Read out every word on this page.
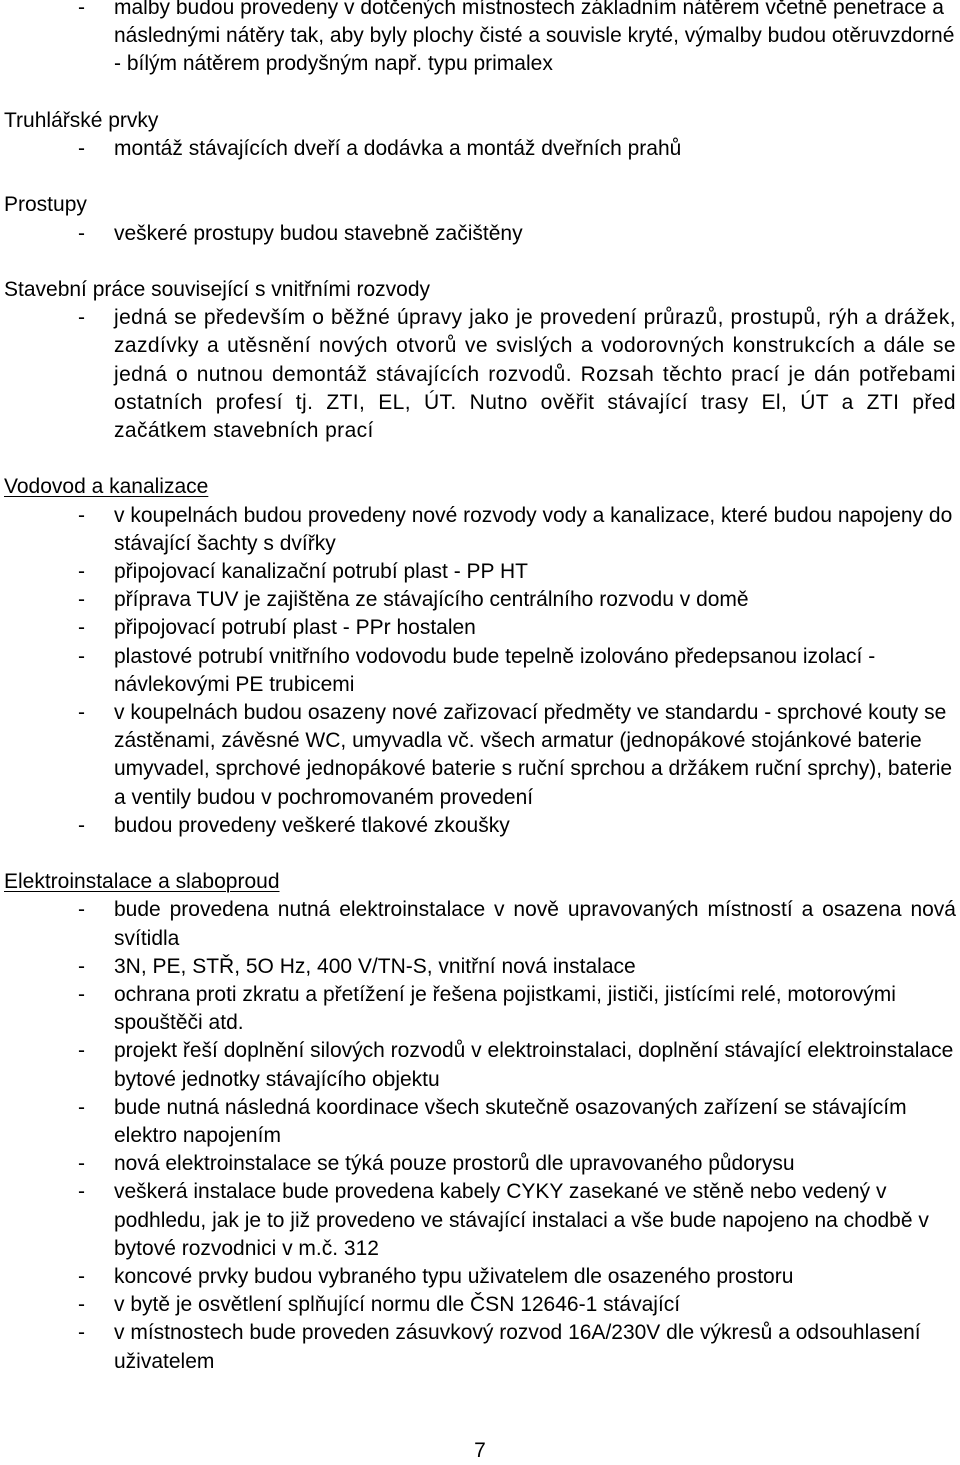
- malby budou provedeny v dotčených místnostech základním nátěrem včetně penetrace a následnými nátěry tak, aby byly plochy čisté a souvisle kryté, výmalby budou otěruvzdorné - bílým nátěrem prodyšným např. typu primalex
Truhlářské prvky
- montáž stávajících dveří a dodávka a montáž dveřních prahů
Prostupy
- veškeré prostupy budou stavebně začištěny
Stavební práce související s vnitřními rozvody
- jedná se především o běžné úpravy jako je provedení průrazů, prostupů, rýh a drážek, zazdívky a utěsnění nových otvorů ve svislých a vodorovných konstrukcích a dále se jedná o nutnou demontáž stávajících rozvodů. Rozsah těchto prací je dán potřebami ostatních profesí tj. ZTI, EL, ÚT. Nutno ověřit stávající trasy El, ÚT a ZTI před začátkem stavebních prací
Vodovod a kanalizace
- v koupelnách budou provedeny nové rozvody vody a kanalizace, které budou napojeny do stávající šachty s dvířky
- připojovací kanalizační potrubí plast - PP HT
- příprava TUV je zajištěna ze stávajícího centrálního rozvodu v domě
- připojovací potrubí plast - PPr hostalen
- plastové potrubí vnitřního vodovodu bude tepelně izolováno předepsanou izolací - návlekovými PE trubicemi
- v koupelnách budou osazeny nové zařizovací předměty ve standardu - sprchové kouty se zástěnami, závěsné WC, umyvadla vč. všech armatur (jednopákové stojánkové baterie umyvadel, sprchové jednopákové baterie s ruční sprchou a držákem ruční sprchy), baterie a ventily budou v pochromovaném provedení
- budou provedeny veškeré tlakové zkoušky
Elektroinstalace a slaboproud
- bude provedena nutná elektroinstalace v nově upravovaných místností a osazena nová svítidla
- 3N, PE, STŘ, 5O Hz, 400 V/TN-S, vnitřní nová instalace
- ochrana proti zkratu a přetížení je řešena pojistkami, jističi, jistícími relé, motorovými spouštěči atd.
- projekt řeší doplnění silových rozvodů v elektroinstalaci, doplnění stávající elektroinstalace bytové jednotky stávajícího objektu
- bude nutná následná koordinace všech skutečně osazovaných zařízení se stávajícím elektro napojením
- nová elektroinstalace se týká pouze prostorů dle upravovaného půdorysu
- veškerá instalace bude provedena kabely CYKY zasekané ve stěně nebo vedený v podhledu, jak je to již provedeno ve stávající instalaci a vše bude napojeno na chodbě v bytové rozvodnici v m.č. 312
- koncové prvky budou vybraného typu uživatelem dle osazeného prostoru
- v bytě je osvětlení splňující normu dle ČSN 12646-1 stávající
- v místnostech bude proveden zásuvkový rozvod 16A/230V dle výkresů a odsouhlasení uživatelem
7
